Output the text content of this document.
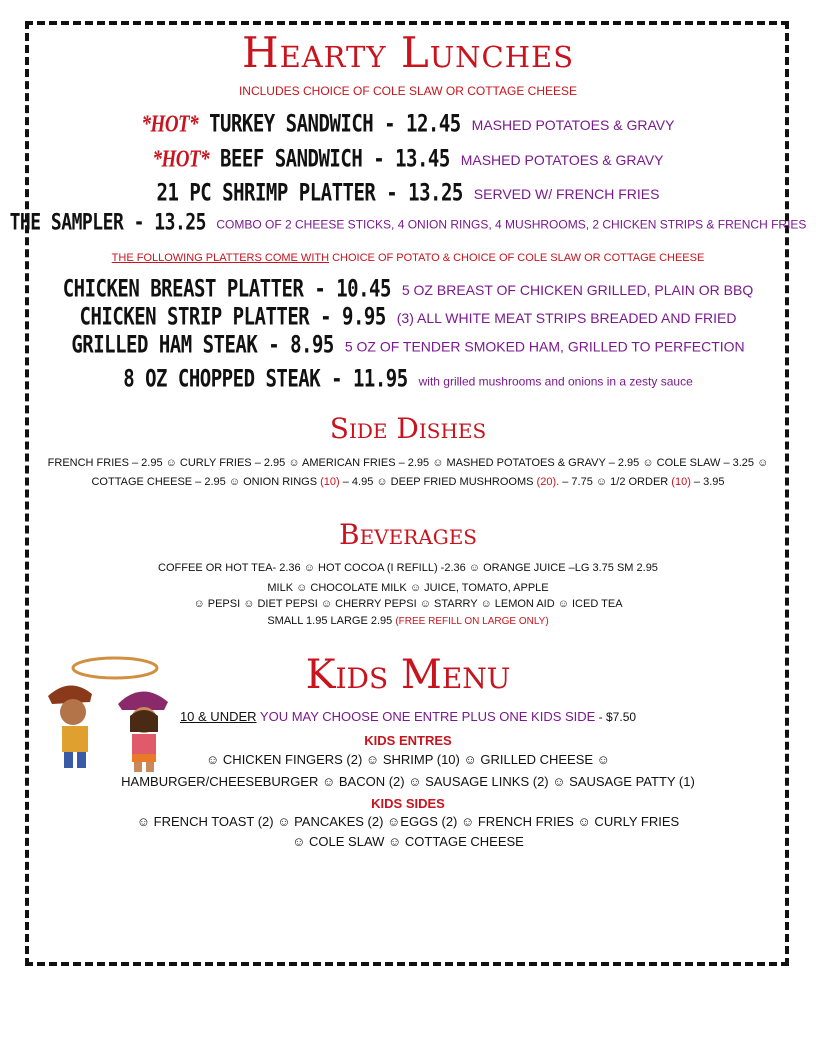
Hearty Lunches
INCLUDES CHOICE OF COLE SLAW OR COTTAGE CHEESE
*HOT* TURKEY SANDWICH - 12.45 MASHED POTATOES & GRAVY
*HOT* BEEF SANDWICH - 13.45 MASHED POTATOES & GRAVY
21 PC SHRIMP PLATTER - 13.25 SERVED W/ FRENCH FRIES
THE SAMPLER - 13.25 COMBO OF 2 CHEESE STICKS, 4 ONION RINGS, 4 MUSHROOMS, 2 CHICKEN STRIPS & FRENCH FRIES
THE FOLLOWING PLATTERS COME WITH CHOICE OF POTATO & CHOICE OF COLE SLAW OR COTTAGE CHEESE
CHICKEN BREAST PLATTER - 10.45 5 OZ BREAST OF CHICKEN GRILLED, PLAIN OR BBQ
CHICKEN STRIP PLATTER - 9.95 (3) ALL WHITE MEAT STRIPS BREADED AND FRIED
GRILLED HAM STEAK - 8.95 5 OZ OF TENDER SMOKED HAM, GRILLED TO PERFECTION
8 OZ CHOPPED STEAK - 11.95 with grilled mushrooms and onions in a zesty sauce
Side Dishes
FRENCH FRIES – 2.95 ☺ CURLY FRIES – 2.95 ☺ AMERICAN FRIES – 2.95 ☺ MASHED POTATOES & GRAVY – 2.95 ☺ COLE SLAW – 3.25 ☺
COTTAGE CHEESE – 2.95 ☺ ONION RINGS (10) – 4.95 ☺ DEEP FRIED MUSHROOMS (20). – 7.75 ☺ 1/2 ORDER (10) – 3.95
Beverages
COFFEE OR HOT TEA- 2.36 ☺ HOT COCOA (I REFILL) -2.36 ☺ ORANGE JUICE –LG 3.75 SM 2.95
MILK ☺ CHOCOLATE MILK ☺ JUICE, TOMATO, APPLE
☺ PEPSI ☺ DIET PEPSI ☺ CHERRY PEPSI ☺ STARRY ☺ LEMON AID ☺ ICED TEA
SMALL 1.95 LARGE 2.95 (FREE REFILL ON LARGE ONLY)
Kids Menu
10 & UNDER YOU MAY CHOOSE ONE ENTRE PLUS ONE KIDS SIDE - $7.50
KIDS ENTRES
☺ CHICKEN FINGERS (2) ☺ SHRIMP (10) ☺ GRILLED CHEESE ☺
HAMBURGER/CHEESEBURGER ☺ BACON (2) ☺ SAUSAGE LINKS (2) ☺ SAUSAGE PATTY (1)
KIDS SIDES
☺ FRENCH TOAST (2) ☺ PANCAKES (2) ☺EGGS (2) ☺ FRENCH FRIES ☺ CURLY FRIES
☺ COLE SLAW ☺ COTTAGE CHEESE
